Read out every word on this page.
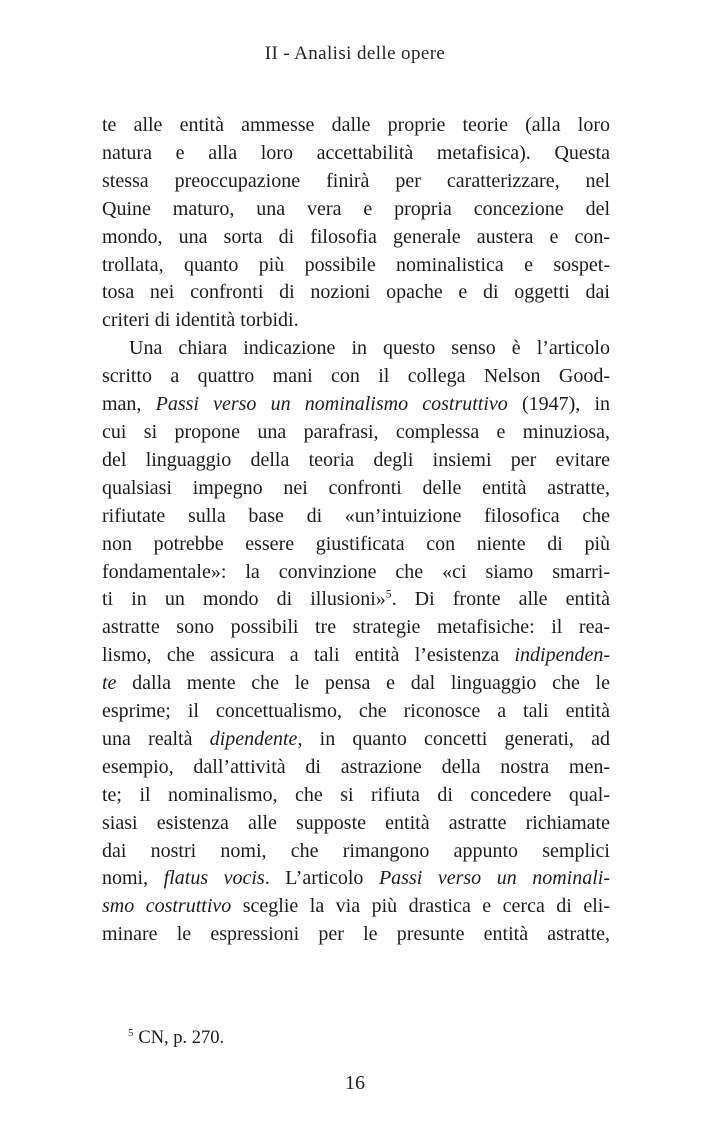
II - Analisi delle opere
te alle entità ammesse dalle proprie teorie (alla loro
natura e alla loro accettabilità metafisica). Questa
stessa preoccupazione finirà per caratterizzare, nel
Quine maturo, una vera e propria concezione del
mondo, una sorta di filosofia generale austera e con-
trollata, quanto più possibile nominalistica e sospet-
tosa nei confronti di nozioni opache e di oggetti dai
criteri di identità torbidi.
Una chiara indicazione in questo senso è l’articolo
scritto a quattro mani con il collega Nelson Good-
man, Passi verso un nominalismo costruttivo (1947), in
cui si propone una parafrasi, complessa e minuziosa,
del linguaggio della teoria degli insiemi per evitare
qualsiasi impegno nei confronti delle entità astratte,
rifiutate sulla base di «un’intuizione filosofica che
non potrebbe essere giustificata con niente di più
fondamentale»: la convinzione che «ci siamo smarri-
ti in un mondo di illusioni»$^5$. Di fronte alle entità
astratte sono possibili tre strategie metafisiche: il rea-
lismo, che assicura a tali entità l’esistenza indipenden-
te dalla mente che le pensa e dal linguaggio che le
esprime; il concettualismo, che riconosce a tali entità
una realtà dipendente, in quanto concetti generati, ad
esempio, dall’attività di astrazione della nostra men-
te; il nominalismo, che si rifiuta di concedere qual-
siasi esistenza alle supposte entità astratte richiamate
dai nostri nomi, che rimangono appunto semplici
nomi, flatus vocis. L’articolo Passi verso un nominali-
smo costruttivo sceglie la via più drastica e cerca di eli-
minare le espressioni per le presunte entità astratte,
$^5$ CN, p. 270.
16
